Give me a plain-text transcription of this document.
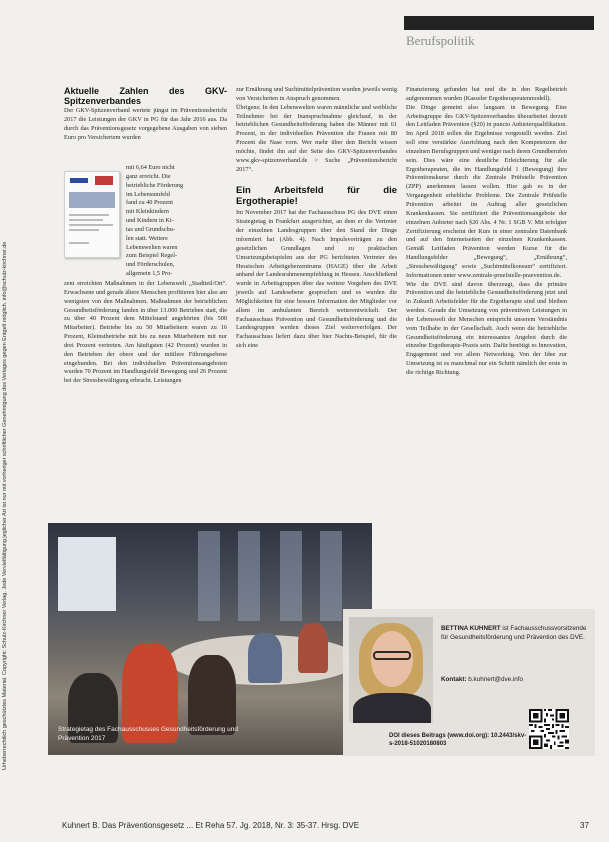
Berufspolitik
Urheberrechtlich geschütztes Material. Copyright: Schulz-Kirchner Verlag. Jede Vervielfältigung jeglicher Art ist nur mit vorheriger schriftlicher Genehmigung des Verlages gegen Entgelt möglich. info@schulz-kirchner.de
Aktuelle Zahlen des GKV-Spitzenverbandes

Der GKV-Spitzenverband wertete jüngst im Präventionsbericht 2017 die Leistungen der GKV in PG für das Jahr 2016 aus. Da durch das Präventionsgesetz vorgegebene Ausgaben von sieben Euro pro Versichertem wurden

mit 6,64 Euro nicht
ganz erreicht. Die
betriebliche Förderung
im Lebensumfeld
fand zu 40 Prozent
mit Kleinkindern
und Kindern in Ki-
tas und Grundschu-
len statt. Weitere
Lebenswelten waren
zum Beispiel Regel-
und Förderschulen,
allgemein 1,5 Pro-

zent erreichten Maßnahmen in der Lebenswelt „Stadtteil/Ort“. Erwachsene und gerade ältere Menschen profitieren hier also am wenigsten von den Maßnahmen. Maßnahmen der betrieblichen Gesundheitsförderung fanden in über 13.000 Betrieben statt, die zu über 40 Prozent dem Mittelstand angehörten (bis 500 Mitarbeiter). Betriebe bis zu 50 Mitarbeitern waren zu 16 Prozent, Kleinstbetriebe mit bis zu neun Mitarbeitern mit nur drei Prozent vertreten. Am häufigsten (42 Prozent) wurden in den Betrieben der obere und der mittlere Führungsebene eingebunden. Bei den individuellen Präventionsangeboten wurden 70 Prozent im Handlungsfeld Bewegung und 26 Prozent bei der Stressbewältigung erbracht. Leistungen

zur Ernährung und Suchtmittelprävention wurden jeweils wenig von Versicherten in Anspruch genommen.

Übrigens: In den Lebenswelten waren männliche und weibliche Teilnehmer bei der Inanspruchnahme gleichauf, in der betrieblichen Gesundheitsförderung haben die Männer mit 61 Prozent, in der individuellen Prävention die Frauen mit 80 Prozent die Nase vorn. Wer mehr über den Bericht wissen möchte, findet ihn auf der Seite des GKV-Spitzenverbandes www.gkv-spitzenverband.de > Suche „Präventionsbericht 2017“.

Ein Arbeitsfeld für die Ergotherapie!

Im November 2017 hat der Fachausschuss PG des DVE einen Strategietag in Frankfurt ausgerichtet, an dem er die Vertreter der einzelnen Landesgruppen über den Stand der Dinge informiert hat (Abb. 4). Nach Impulsvorträgen zu den gesetzlichen Grundlagen und zu praktischen Umsetzungsbeispielen aus der PG berichteten Vertreter des Hessischen Arbeitgeberzentrums (HAGE) über die Arbeit anhand der Landesrahmenempfehlung in Hessen. Anschließend wurde in Arbeitsgruppen über das weitere Vorgehen des DVE jeweils auf Landesebene gesprochen und es wurden die Möglichkeiten für eine bessere Information der Mitglieder vor allem im ambulanten Bereich weiterentwickelt. Der Fachausschuss Prävention und Gesundheitsförderung und die Landesgruppen werden dieses Ziel weiterverfolgen. Der Fachausschuss liefert dazu über hier Nachts-Beispiel, für die sich eine

Finanzierung gefunden hat und die in den Regelbetrieb aufgenommen wurden (Kasseler Ergotherapeutenmodell).

Die Dinge gemeint also langsam in Bewegung. Eine Arbeitsgruppe des GKV-Spitzenverbandes überarbeitet derzeit den Leitfaden Prävention (§20) in puncto Anbieterqualifikation. Im April 2018 sollen die Ergebnisse vorgestellt werden. Ziel soll eine verstärkte Ausrichtung nach den Kompetenzen der einzelnen Berufsgruppen und weniger nach deren Grundberufen sein. Dies wäre eine deutliche Erleichterung für alle Ergotherapeuten, die im Handlungsfeld 1 (Bewegung) ihre Präventionskurse durch die Zentrale Prüfstelle Prävention (ZPP) anerkennen lassen wollen. Hier gab es in der Vergangenheit erhebliche Probleme. Die Zentrale Prüfstelle Prävention arbeitet im Auftrag aller gesetzlichen Krankenkassen. Sie zertifiziert die Präventionsangebote der einzelnen Anbieter nach §20 Abs. 4 Nr. 1 SGB V. Mit erfolgter Zertifizierung erscheint der Kurs in einer zentralen Datenbank und auf den Internetseiten der einzelnen Krankenkassen. Gemäß Leitfaden Prävention werden Kurse für die Handlungsfelder „Bewegung“, „Ernährung“, „Stressbewältigung“ sowie „Suchtmittelkonsum“ zertifiziert. Informationen unter www.zentrale-pruefstelle-praevention.de.

Wie die DVE sind davon überzeugt, dass die primäre Prävention und die betriebliche Gesundheitsförderung jetzt und in Zukunft Arbeitsfelder für die Ergotherapie sind und bleiben werden. Gerade die Umsetzung von präventiven Leistungen in der Lebenswelt der Menschen entspricht unserem Verständnis vom Teilhabe in der Gesellschaft. Auch wenn die betriebliche Gesundheitsförderung ein interessantes Angebot durch die einzelne Ergotherapie-Praxis sein. Dafür benötigt es Innovation, Engagement und vor allem Networking. Von der Idee zur Umsetzung ist es manchmal nur ein Schritt nämlich der erste in die richtige Richtung.

Strategietag des Fachausschusses Gesundheitsförderung und Prävention 2017
BETTINA KUHNERT ist Fachausschussvorsitzende für Gesundheitsförderung und Prävention des DVE.
Kontakt: b.kuhnert@dve.info
DOI dieses Beitrags (www.doi.org): 10.2443/skv-s-2018-51020180803
Kuhnert B. Das Präventionsgesetz ... Et Reha 57. Jg. 2018, Nr. 3: 35-37. Hrsg. DVE	37
